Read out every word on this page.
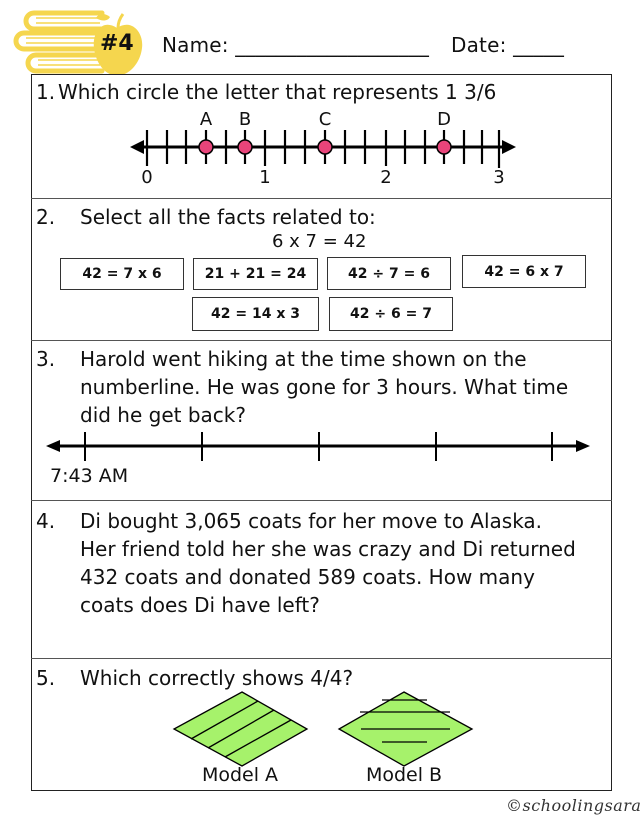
#4 Name: ___________________ Date: _____
1. Which circle the letter that represents 1 3/6
A B	C	D
0	1	2	3
2. Select all the facts related to:
6 x 7 = 42
42 = 7 x 6	21 + 21 = 24	42 ÷ 7 = 6	42 = 6 x 7
42 = 14 x 3	42 ÷ 6 = 7
3. Harold went hiking at the time shown on the
numberline. He was gone for 3 hours. What time
did he get back?
7:43 AM
4. Di bought 3,065 coats for her move to Alaska.
Her friend told her she was crazy and Di returned
432 coats and donated 589 coats. How many
coats does Di have left?
5. Which correctly shows 4/4?
Model A	Model B
©schoolingsara
